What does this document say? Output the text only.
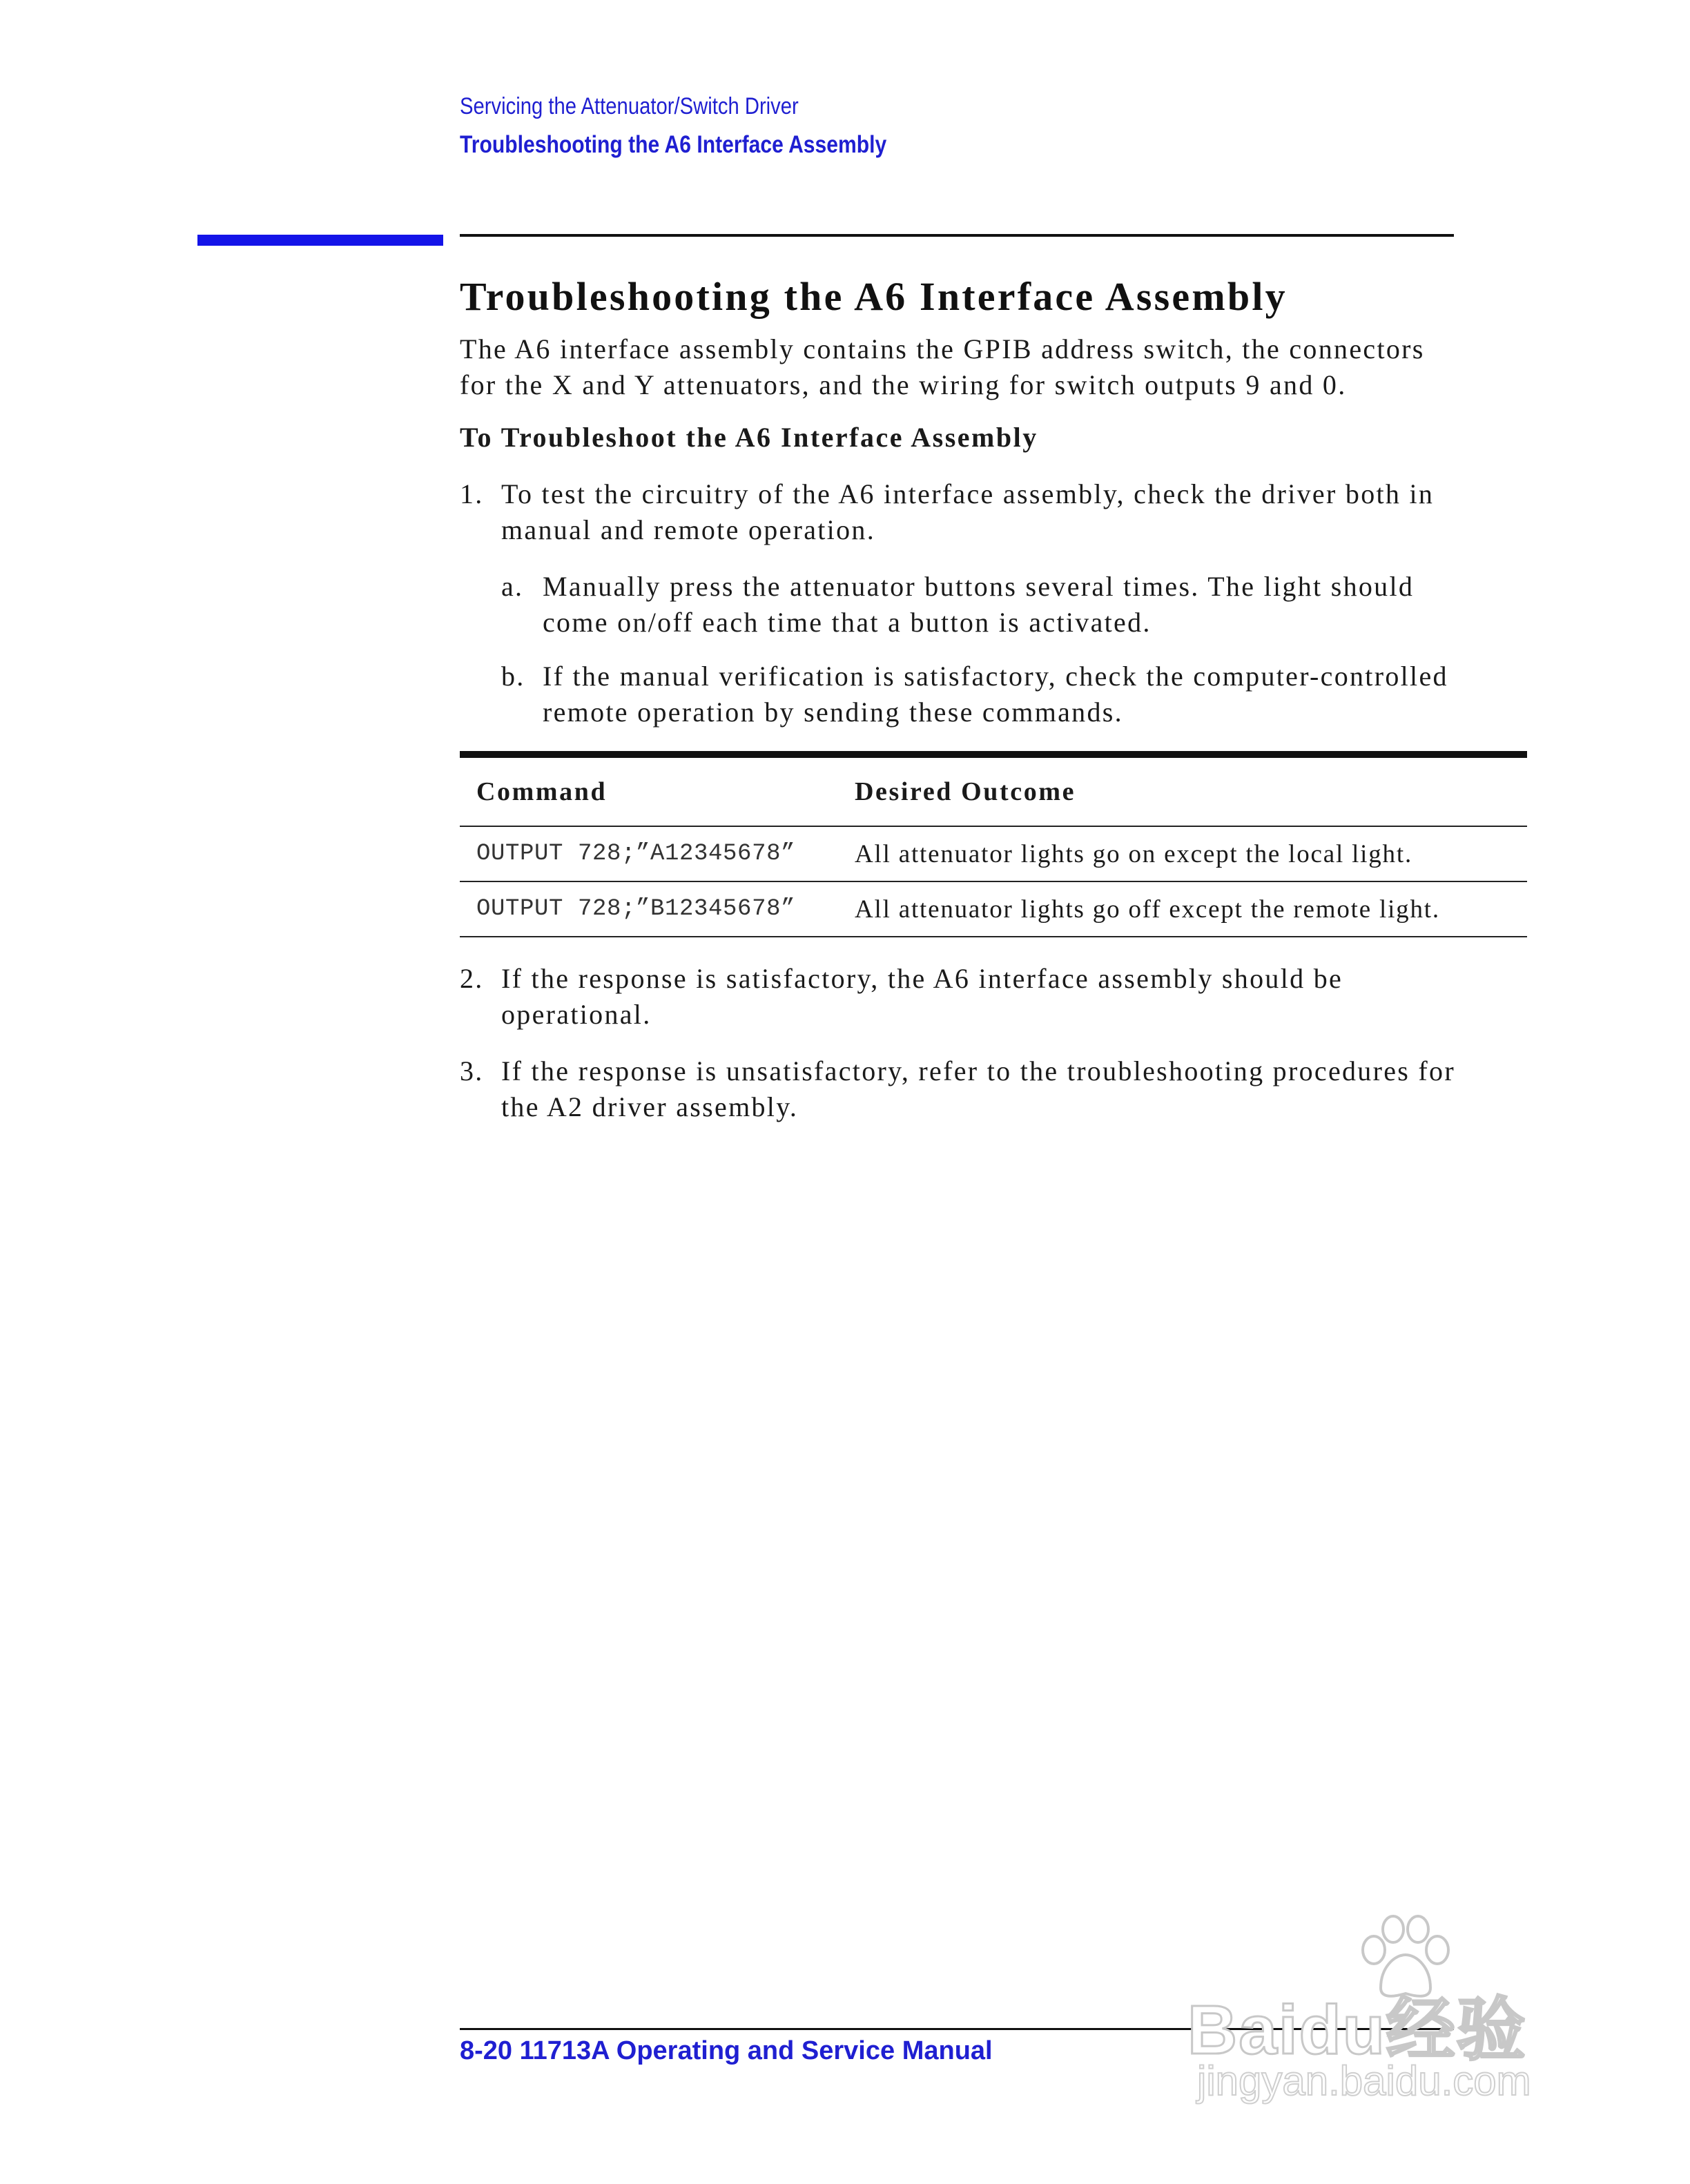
Servicing the Attenuator/Switch Driver
Troubleshooting the A6 Interface Assembly
Troubleshooting the A6 Interface Assembly

The A6 interface assembly contains the GPIB address switch, the connectors for the X and Y attenuators, and the wiring for switch outputs 9 and 0.

To Troubleshoot the A6 Interface Assembly
1. To test the circuitry of the A6 interface assembly, check the driver both in manual and remote operation.
a. Manually press the attenuator buttons several times. The light should come on/off each time that a button is activated.
b. If the manual verification is satisfactory, check the computer-controlled remote operation by sending these commands.
Command	Desired Outcome
OUTPUT 728;”A12345678”	All attenuator lights go on except the local light.
OUTPUT 728;”B12345678”	All attenuator lights go off except the remote light.
2. If the response is satisfactory, the A6 interface assembly should be operational.
3. If the response is unsatisfactory, refer to the troubleshooting procedures for the A2 driver assembly.
8-20 11713A Operating and Service Manual	Baidu经验
jingyan.baidu.com
